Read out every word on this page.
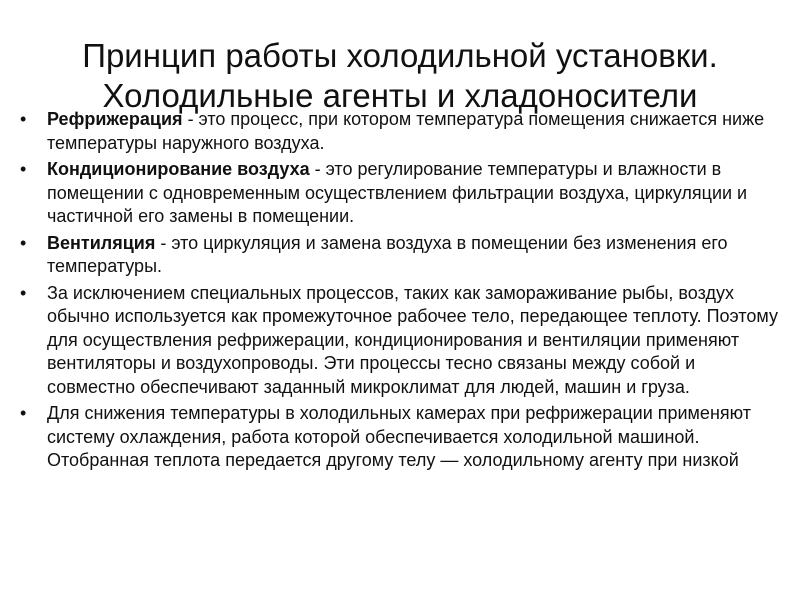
Принцип работы холодильной установки.
Холодильные агенты и хладоносители
•	Рефрижерация - это процесс, при котором температура помещения снижается ниже температуры наружного воздуха.
•	Кондиционирование воздуха - это регулирование температуры и влажности в помещении с одновременным осуществлением фильтрации воздуха, циркуляции и частичной его замены в помещении.
•	Вентиляция - это циркуляция и замена воздуха в помещении без изменения его температуры.
•	За исключением специальных процессов, таких как замораживание рыбы, воздух обычно используется как промежуточное рабочее тело, передающее теплоту. Поэтому для осуществления рефрижерации, кондиционирования и вентиляции применяют вентиляторы и воздухопроводы. Эти процессы тесно связаны между собой и совместно обеспечивают заданный микроклимат для людей, машин и груза.
•	Для снижения температуры в холодильных камерах при рефрижерации применяют систему охлаждения, работа которой обеспечивается холодильной машиной. Отобранная теплота передается другому телу — холодильному агенту при низкой
